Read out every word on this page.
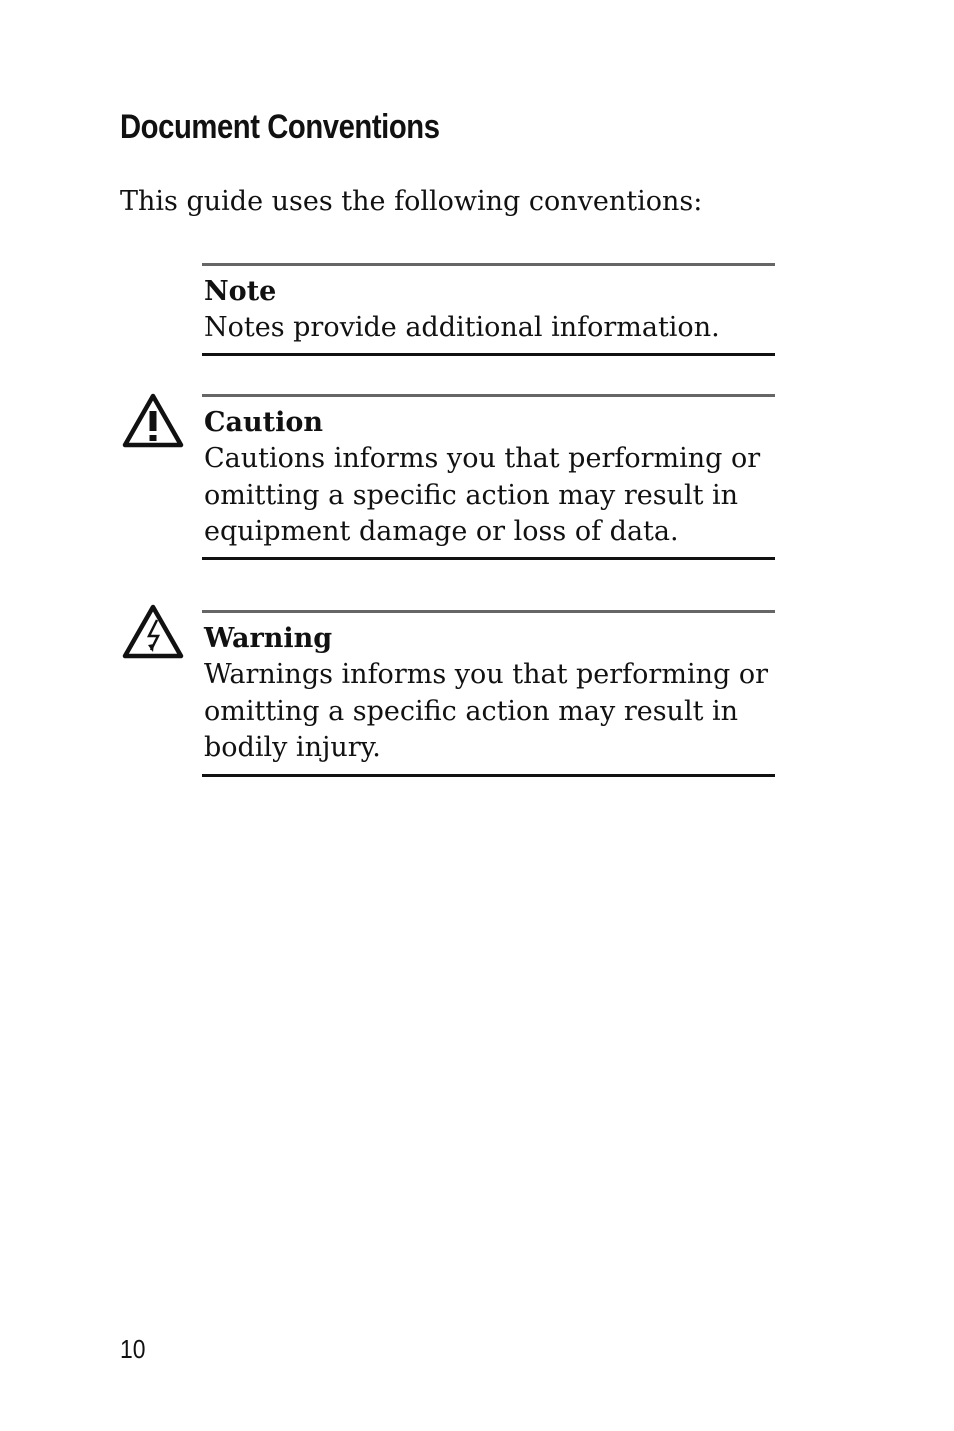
Document Conventions

This guide uses the following conventions:

Note
Notes provide additional information.
Caution
Cautions informs you that performing or
omitting a specific action may result in
equipment damage or loss of data.
Warning
Warnings informs you that performing or
omitting a specific action may result in
bodily injury.
10
